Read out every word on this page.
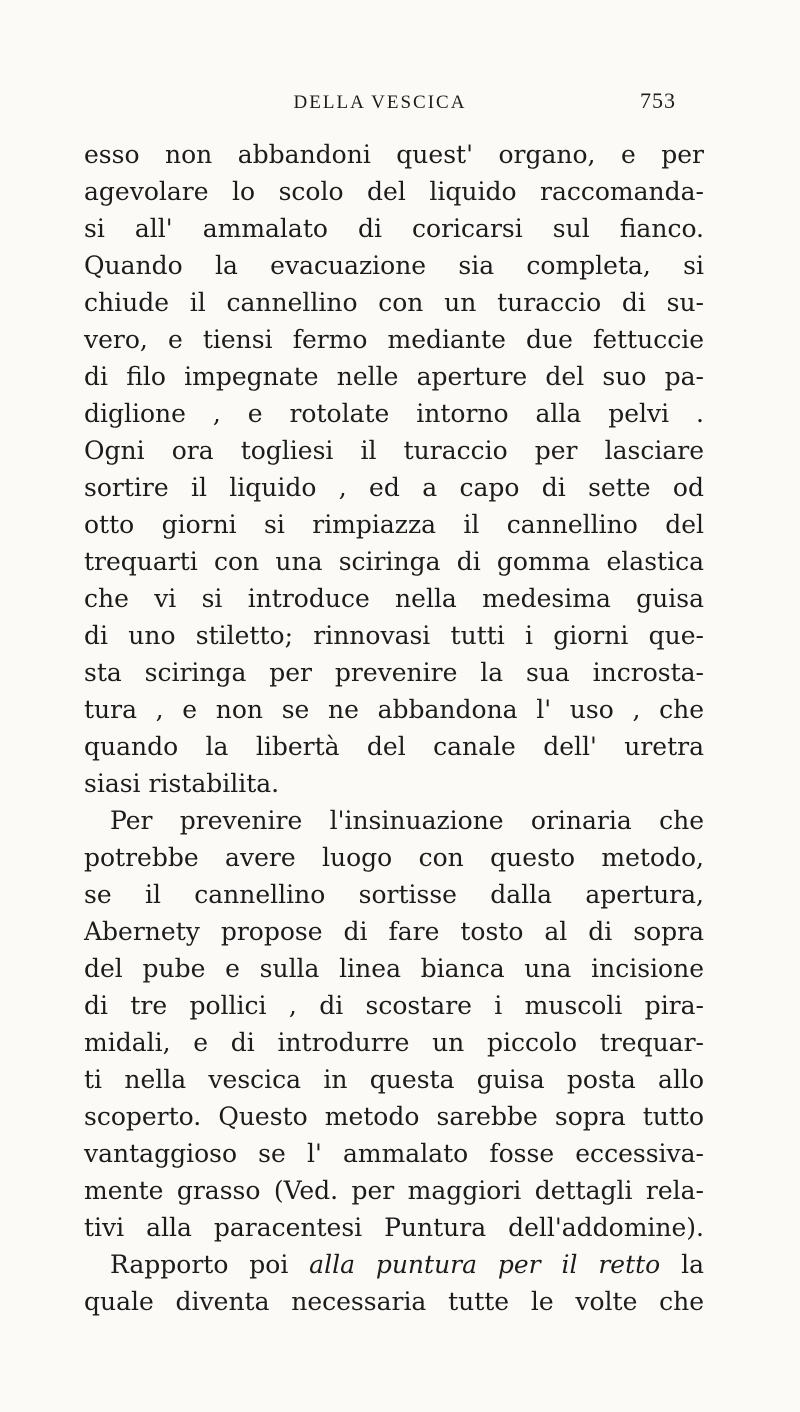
DELLA VESCICA	753
esso non abbandoni quest' organo, e per
agevolare lo scolo del liquido raccomanda-
si all' ammalato di coricarsi sul fianco.
Quando la evacuazione sia completa, si
chiude il cannellino con un turaccio di su-
vero, e tiensi fermo mediante due fettuccie
di filo impegnate nelle aperture del suo pa-
diglione , e rotolate intorno alla pelvi .
Ogni ora togliesi il turaccio per lasciare
sortire il liquido , ed a capo di sette od
otto giorni si rimpiazza il cannellino del
trequarti con una sciringa di gomma elastica
che vi si introduce nella medesima guisa
di uno stiletto; rinnovasi tutti i giorni que-
sta sciringa per prevenire la sua incrosta-
tura , e non se ne abbandona l' uso , che
quando la libertà del canale dell' uretra
siasi ristabilita.
Per prevenire l'insinuazione orinaria che
potrebbe avere luogo con questo metodo,
se il cannellino sortisse dalla apertura,
Abernety propose di fare tosto al di sopra
del pube e sulla linea bianca una incisione
di tre pollici , di scostare i muscoli pira-
midali, e di introdurre un piccolo trequar-
ti nella vescica in questa guisa posta allo
scoperto. Questo metodo sarebbe sopra tutto
vantaggioso se l' ammalato fosse eccessiva-
mente grasso (Ved. per maggiori dettagli rela-
tivi alla paracentesi Puntura dell'addomine).
Rapporto poi alla puntura per il retto la
quale diventa necessaria tutte le volte che
